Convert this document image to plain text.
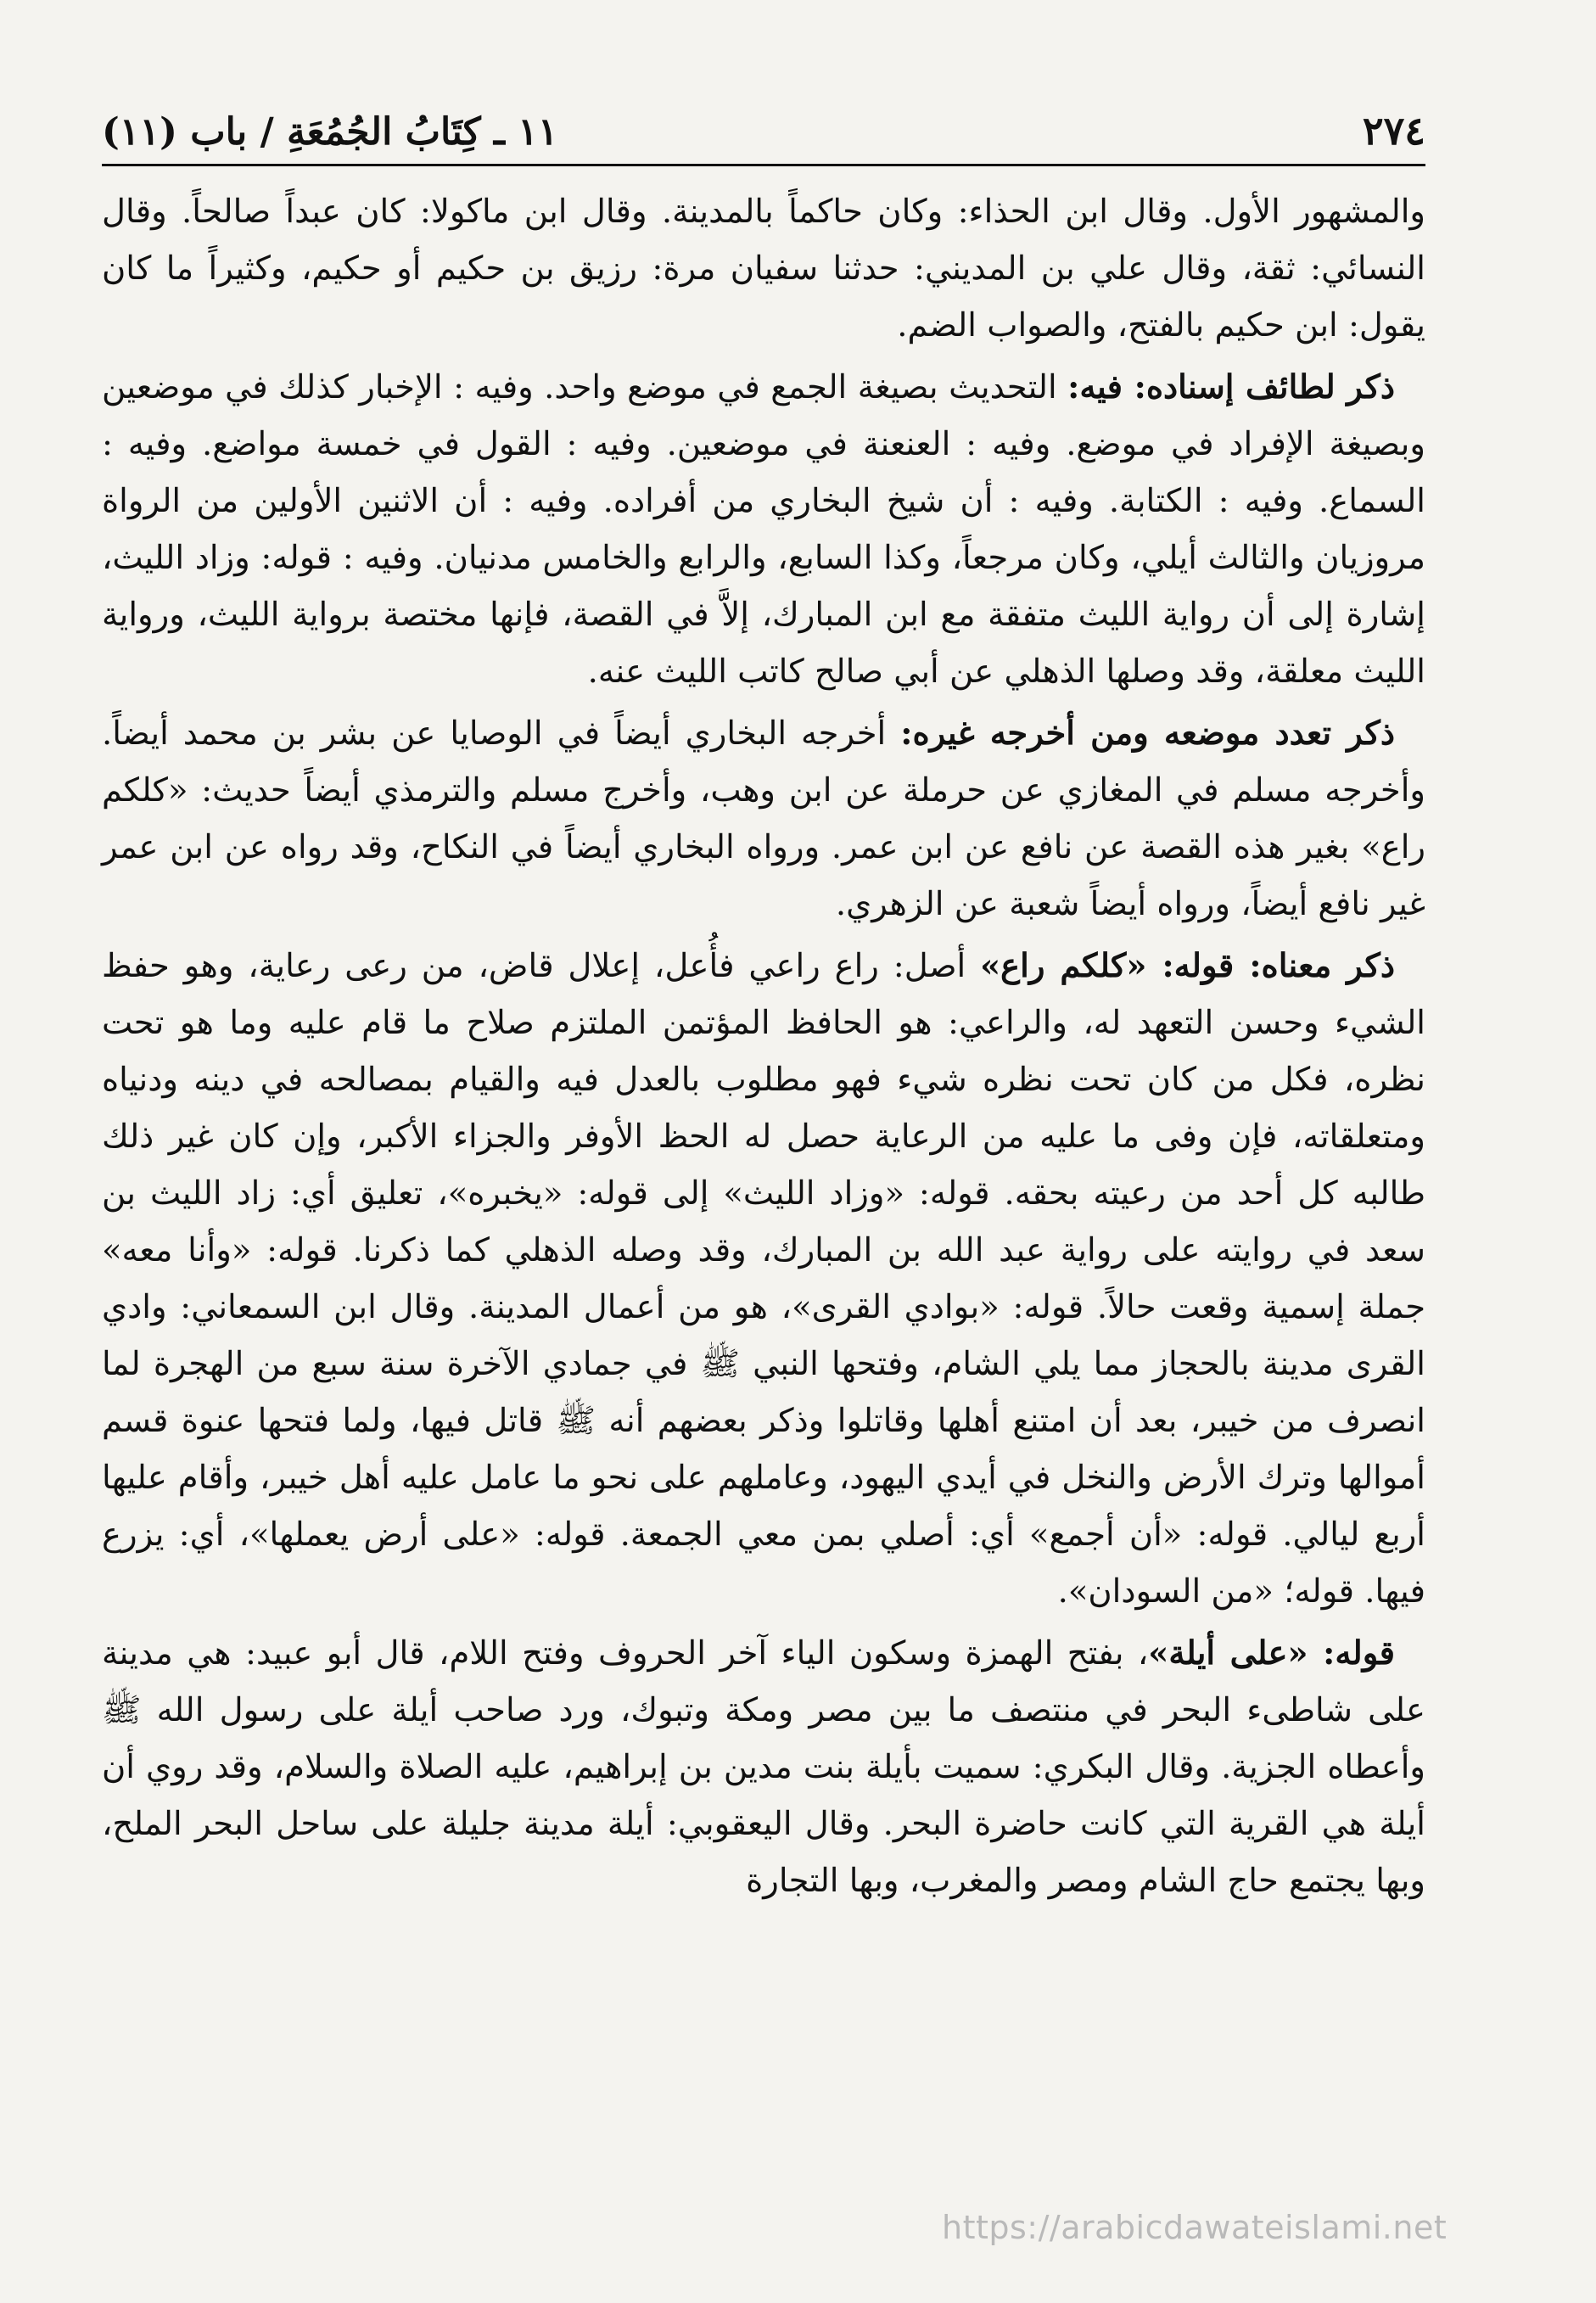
٢٧٤
١١ ـ كِتَابُ الجُمُعَةِ / باب (١١)

والمشهور الأول. وقال ابن الحذاء: وكان حاكماً بالمدينة. وقال ابن ماكولا: كان عبداً صالحاً. وقال النسائي: ثقة، وقال علي بن المديني: حدثنا سفيان مرة: رزيق بن حكيم أو حكيم، وكثيراً ما كان يقول: ابن حكيم بالفتح، والصواب الضم.

ذكر لطائف إسناده: فيه: التحديث بصيغة الجمع في موضع واحد. وفيه : الإخبار كذلك في موضعين وبصيغة الإفراد في موضع. وفيه : العنعنة في موضعين. وفيه : القول في خمسة مواضع. وفيه : السماع. وفيه : الكتابة. وفيه : أن شيخ البخاري من أفراده. وفيه : أن الاثنين الأولين من الرواة مروزيان والثالث أيلي، وكان مرجعاً، وكذا السابع، والرابع والخامس مدنيان. وفيه : قوله: وزاد الليث، إشارة إلى أن رواية الليث متفقة مع ابن المبارك، إلاَّ في القصة، فإنها مختصة برواية الليث، ورواية الليث معلقة، وقد وصلها الذهلي عن أبي صالح كاتب الليث عنه.

ذكر تعدد موضعه ومن أخرجه غيره: أخرجه البخاري أيضاً في الوصايا عن بشر بن محمد أيضاً. وأخرجه مسلم في المغازي عن حرملة عن ابن وهب، وأخرج مسلم والترمذي أيضاً حديث: «كلكم راع» بغير هذه القصة عن نافع عن ابن عمر. ورواه البخاري أيضاً في النكاح، وقد رواه عن ابن عمر غير نافع أيضاً، ورواه أيضاً شعبة عن الزهري.

ذكر معناه: قوله: «كلكم راع» أصل: راع راعي فأُعل، إعلال قاض، من رعى رعاية، وهو حفظ الشيء وحسن التعهد له، والراعي: هو الحافظ المؤتمن الملتزم صلاح ما قام عليه وما هو تحت نظره، فكل من كان تحت نظره شيء فهو مطلوب بالعدل فيه والقيام بمصالحه في دينه ودنياه ومتعلقاته، فإن وفى ما عليه من الرعاية حصل له الحظ الأوفر والجزاء الأكبر، وإن كان غير ذلك طالبه كل أحد من رعيته بحقه. قوله: «وزاد الليث» إلى قوله: «يخبره»، تعليق أي: زاد الليث بن سعد في روايته على رواية عبد الله بن المبارك، وقد وصله الذهلي كما ذكرنا. قوله: «وأنا معه» جملة إسمية وقعت حالاً. قوله: «بوادي القرى»، هو من أعمال المدينة. وقال ابن السمعاني: وادي القرى مدينة بالحجاز مما يلي الشام، وفتحها النبي ﷺ في جمادي الآخرة سنة سبع من الهجرة لما انصرف من خيبر، بعد أن امتنع أهلها وقاتلوا وذكر بعضهم أنه ﷺ قاتل فيها، ولما فتحها عنوة قسم أموالها وترك الأرض والنخل في أيدي اليهود، وعاملهم على نحو ما عامل عليه أهل خيبر، وأقام عليها أربع ليالي. قوله: «أن أجمع» أي: أصلي بمن معي الجمعة. قوله: «على أرض يعملها»، أي: يزرع فيها. قوله؛ «من السودان».

قوله: «على أيلة»، بفتح الهمزة وسكون الياء آخر الحروف وفتح اللام، قال أبو عبيد: هي مدينة على شاطىء البحر في منتصف ما بين مصر ومكة وتبوك، ورد صاحب أيلة على رسول الله ﷺ وأعطاه الجزية. وقال البكري: سميت بأيلة بنت مدين بن إبراهيم، عليه الصلاة والسلام، وقد روي أن أيلة هي القرية التي كانت حاضرة البحر. وقال اليعقوبي: أيلة مدينة جليلة على ساحل البحر الملح، وبها يجتمع حاج الشام ومصر والمغرب، وبها التجارة

https://arabicdawateislami.net
